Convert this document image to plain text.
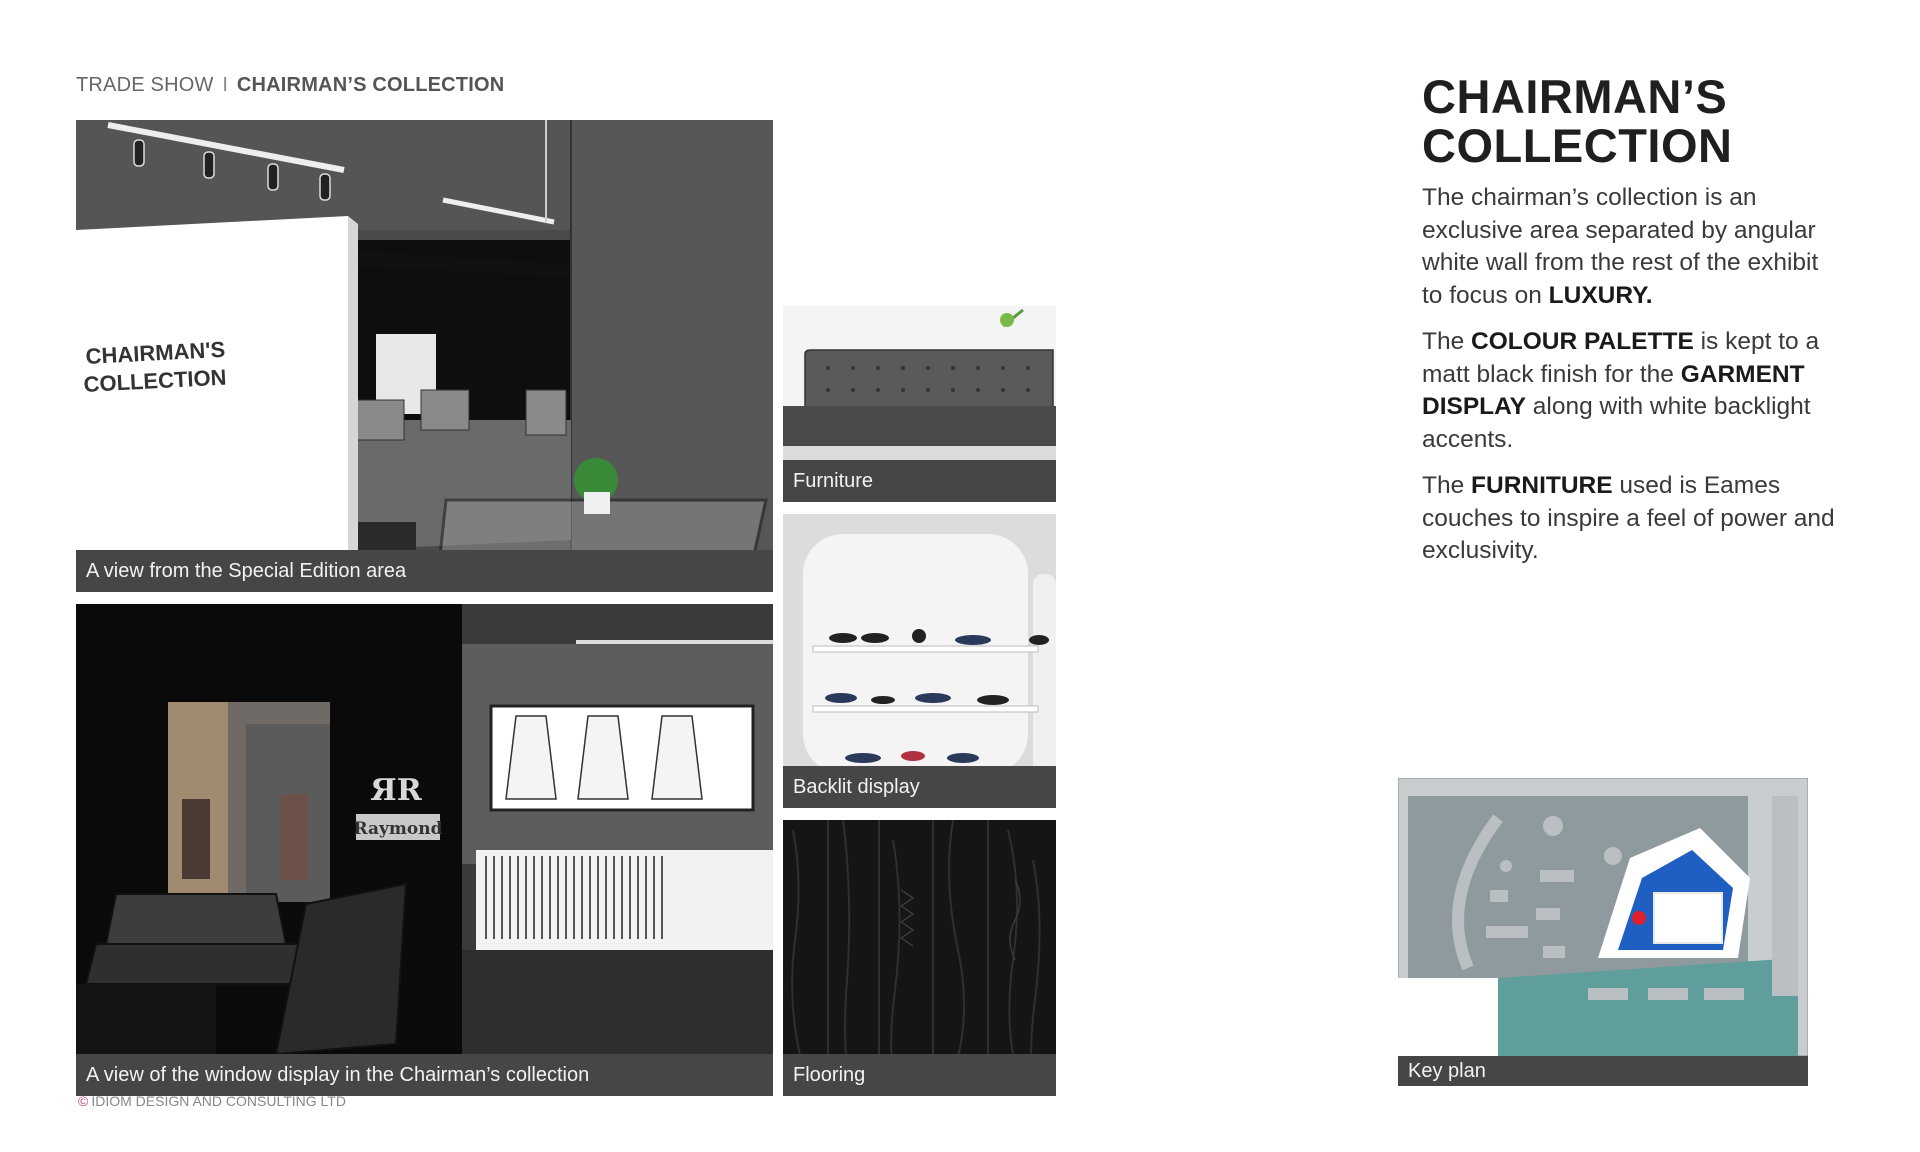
TRADE SHOW I CHAIRMAN’S COLLECTION
CHAIRMAN'S
COLLECTION
A view from the Special Edition area
ЯR
Raymond
A view of the window display in the Chairman’s collection
Furniture
Backlit display
Flooring
CHAIRMAN’S
COLLECTION

The chairman’s collection is an exclusive area separated by angular white wall from the rest of the exhibit to focus on LUXURY.

The COLOUR PALETTE is kept to a matt black finish for the GARMENT DISPLAY along with white backlight accents.

The FURNITURE used is Eames couches to inspire a feel of power and exclusivity.

Key plan
© IDIOM DESIGN AND CONSULTING LTD
